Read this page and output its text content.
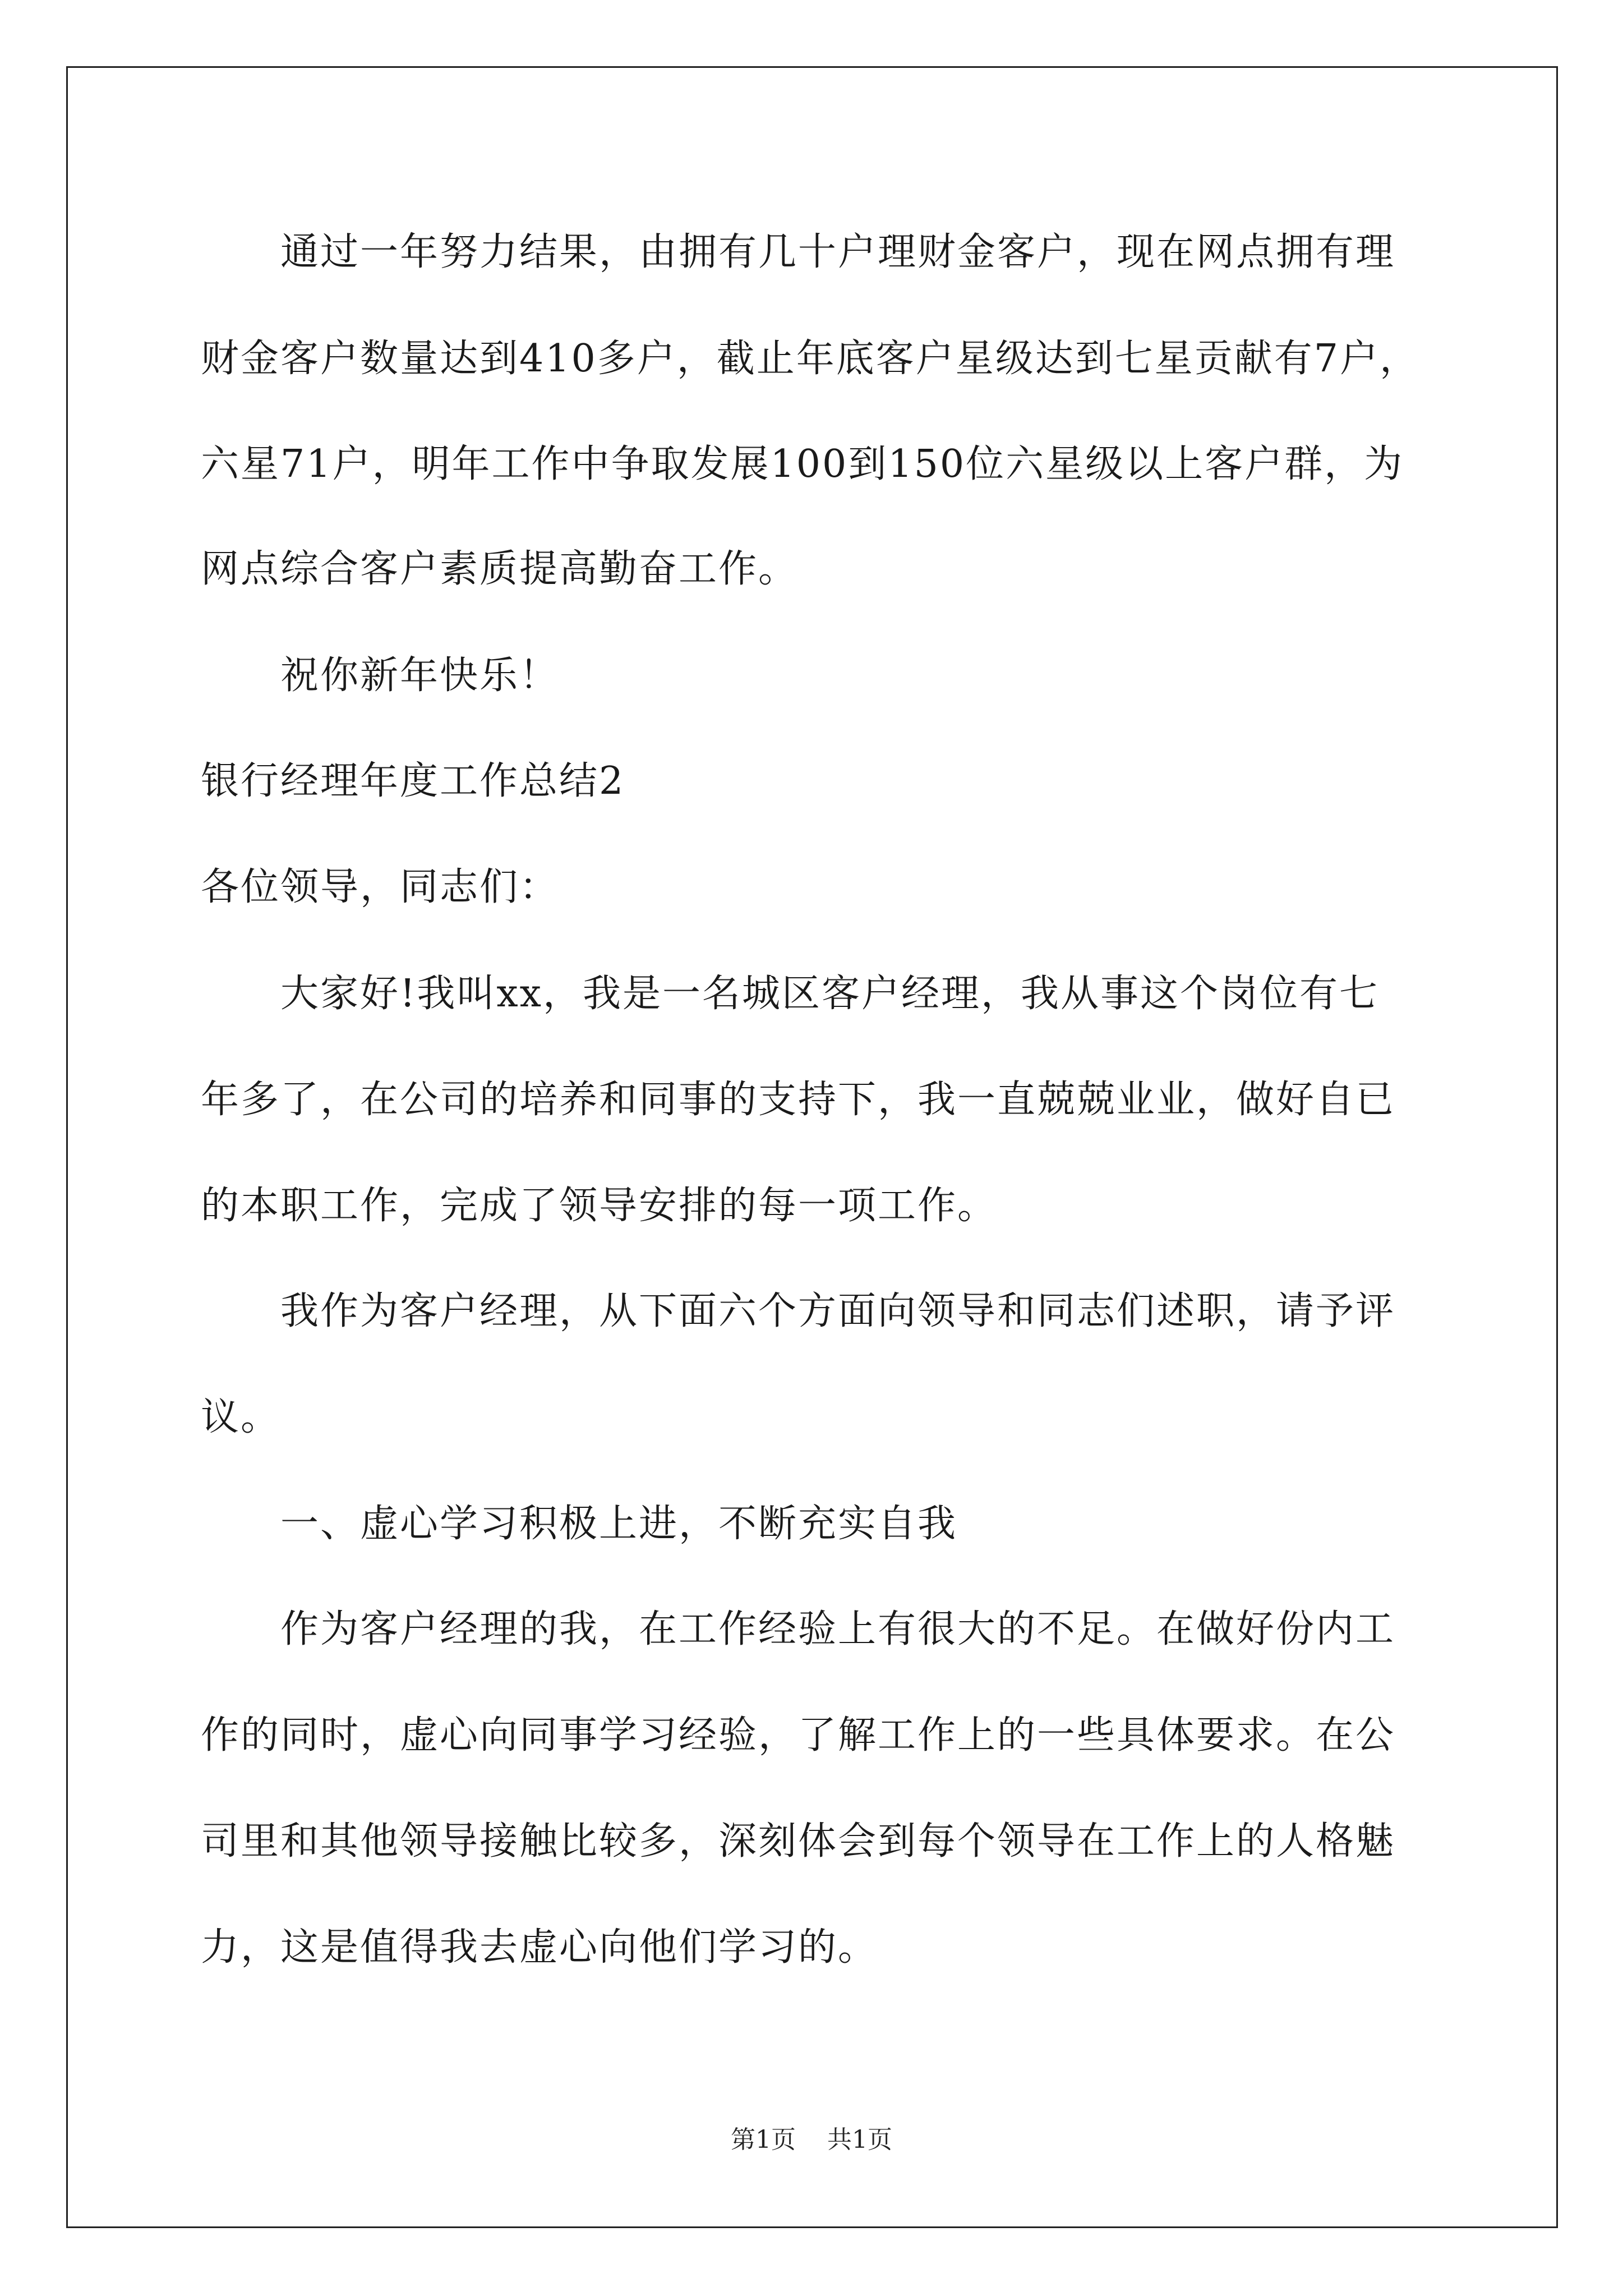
通过一年努力结果，由拥有几十户理财金客户，现在网点拥有理
财金客户数量达到410多户，截止年底客户星级达到七星贡献有7户，
六星71户，明年工作中争取发展100到150位六星级以上客户群，为
网点综合客户素质提高勤奋工作。
祝你新年快乐！
银行经理年度工作总结2
各位领导，同志们：
大家好!我叫xx，我是一名城区客户经理，我从事这个岗位有七
年多了，在公司的培养和同事的支持下，我一直兢兢业业，做好自已
的本职工作，完成了领导安排的每一项工作。
我作为客户经理，从下面六个方面向领导和同志们述职，请予评
议。
一、虚心学习积极上进，不断充实自我
作为客户经理的我，在工作经验上有很大的不足。在做好份内工
作的同时，虚心向同事学习经验，了解工作上的一些具体要求。在公
司里和其他领导接触比较多，深刻体会到每个领导在工作上的人格魅
力，这是值得我去虚心向他们学习的。
第1页 共1页
